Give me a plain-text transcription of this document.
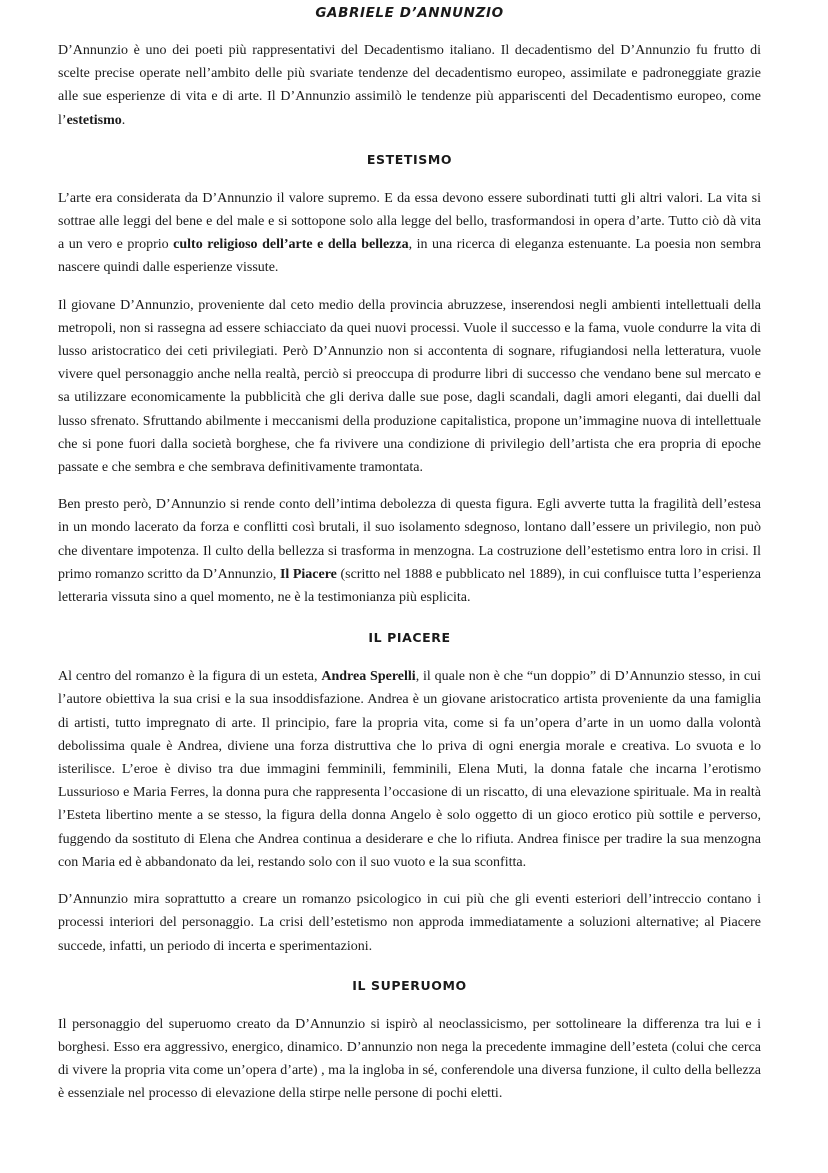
GABRIELE D’ANNUNZIO

D’Annunzio è uno dei poeti più rappresentativi del Decadentismo italiano. Il decadentismo del D’Annunzio fu frutto di scelte precise operate nell’ambito delle più svariate tendenze del decadentismo europeo, assimilate e padroneggiate grazie alle sue esperienze di vita e di arte. Il D’Annunzio assimilò le tendenze più appariscenti del Decadentismo europeo, come l’estetismo.

ESTETISMO

L’arte era considerata da D’Annunzio il valore supremo. E da essa devono essere subordinati tutti gli altri valori. La vita si sottrae alle leggi del bene e del male e si sottopone solo alla legge del bello, trasformandosi in opera d’arte. Tutto ciò dà vita a un vero e proprio culto religioso dell’arte e della bellezza, in una ricerca di eleganza estenuante. La poesia non sembra nascere quindi dalle esperienze vissute.

Il giovane D’Annunzio, proveniente dal ceto medio della provincia abruzzese, inserendosi negli ambienti intellettuali della metropoli, non si rassegna ad essere schiacciato da quei nuovi processi. Vuole il successo e la fama, vuole condurre la vita di lusso aristocratico dei ceti privilegiati. Però D’Annunzio non si accontenta di sognare, rifugiandosi nella letteratura, vuole vivere quel personaggio anche nella realtà, perciò si preoccupa di produrre libri di successo che vendano bene sul mercato e sa utilizzare economicamente la pubblicità che gli deriva dalle sue pose, dagli scandali, dagli amori eleganti, dai duelli dal lusso sfrenato. Sfruttando abilmente i meccanismi della produzione capitalistica, propone un’immagine nuova di intellettuale che si pone fuori dalla società borghese, che fa rivivere una condizione di privilegio dell’artista che era propria di epoche passate e che sembra e che sembrava definitivamente tramontata.

Ben presto però, D’Annunzio si rende conto dell’intima debolezza di questa figura. Egli avverte tutta la fragilità dell’estesa in un mondo lacerato da forza e conflitti così brutali, il suo isolamento sdegnoso, lontano dall’essere un privilegio, non può che diventare impotenza. Il culto della bellezza si trasforma in menzogna. La costruzione dell’estetismo entra loro in crisi. Il primo romanzo scritto da D’Annunzio, Il Piacere (scritto nel 1888 e pubblicato nel 1889), in cui confluisce tutta l’esperienza letteraria vissuta sino a quel momento, ne è la testimonianza più esplicita.

IL PIACERE

Al centro del romanzo è la figura di un esteta, Andrea Sperelli, il quale non è che “un doppio” di D’Annunzio stesso, in cui l’autore obiettiva la sua crisi e la sua insoddisfazione. Andrea è un giovane aristocratico artista proveniente da una famiglia di artisti, tutto impregnato di arte. Il principio, fare la propria vita, come si fa un’opera d’arte in un uomo dalla volontà debolissima quale è Andrea, diviene una forza distruttiva che lo priva di ogni energia morale e creativa. Lo svuota e lo isterilisce. L’eroe è diviso tra due immagini femminili, femminili, Elena Muti, la donna fatale che incarna l’erotismo Lussurioso e Maria Ferres, la donna pura che rappresenta l’occasione di un riscatto, di una elevazione spirituale. Ma in realtà l’Esteta libertino mente a se stesso, la figura della donna Angelo è solo oggetto di un gioco erotico più sottile e perverso, fuggendo da sostituto di Elena che Andrea continua a desiderare e che lo rifiuta. Andrea finisce per tradire la sua menzogna con Maria ed è abbandonato da lei, restando solo con il suo vuoto e la sua sconfitta.

D’Annunzio mira soprattutto a creare un romanzo psicologico in cui più che gli eventi esteriori dell’intreccio contano i processi interiori del personaggio. La crisi dell’estetismo non approda immediatamente a soluzioni alternative; al Piacere succede, infatti, un periodo di incerta e sperimentazioni.

IL SUPERUOMO

Il personaggio del superuomo creato da D’Annunzio si ispirò al neoclassicismo, per sottolineare la differenza tra lui e i borghesi. Esso era aggressivo, energico, dinamico. D’annunzio non nega la precedente immagine dell’esteta (colui che cerca di vivere la propria vita come un’opera d’arte) , ma la ingloba in sé, conferendole una diversa funzione, il culto della bellezza è essenziale nel processo di elevazione della stirpe nelle persone di pochi eletti.
